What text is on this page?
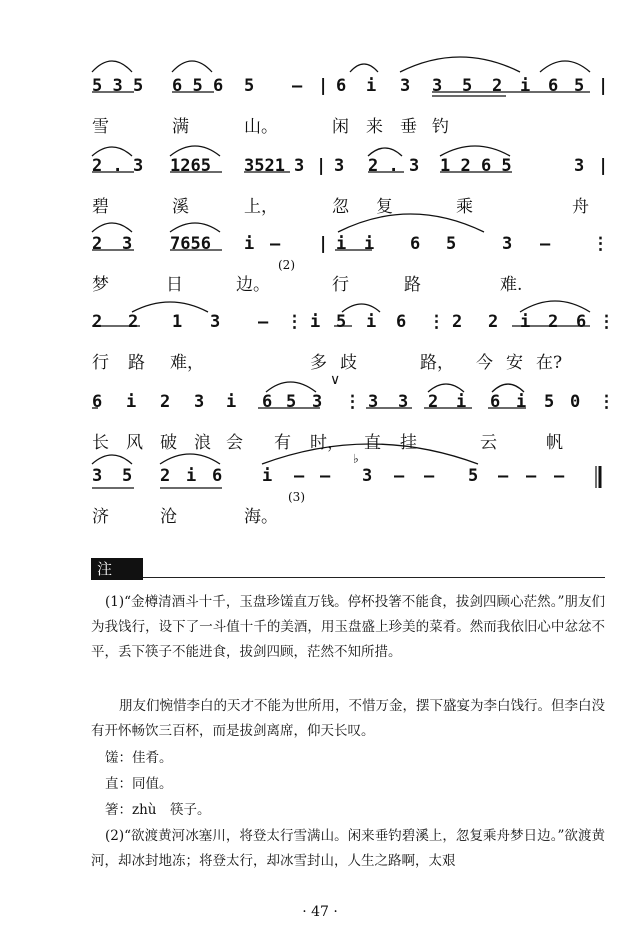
5 3 5 6 5 6 5 – | 6 i 3 3 5 2 i 6 5 |
雪	满	山。	闲 来 垂 钓
2 . 3 1265 3521 3 | 3 2 . 3 1 2 6 5	3 |
碧	溪	上，	忽 复	乘	舟
2 3 7656 i – | i i 6 5	3 – ⋮
梦	日	边。	行	路	难.
(2)
2 2 1 3 – ⋮ i 5 i 6 ⋮ 2 2 i 2 6 ⋮
行 路 难，	多 歧	路， 今 安 在?
∨
6 i 2 3 i 6 5 3 ⋮ 3 3 2 i 6 i 5 0 ⋮
长 风 破 浪 会 有 时， 直 挂	云	帆
3 5 2 i 6 i – –
♭
3 – – 5 – – –
济	沧	海。
(3)
注 释
(1)“金樽清酒斗十千，玉盘珍馐直万钱。停杯投箸不能食，拔剑四顾心茫然。”朋友们为我饯行，设下了一斗值十千的美酒，用玉盘盛上珍美的菜肴。然而我依旧心中忿忿不平，丢下筷子不能进食，拔剑四顾，茫然不知所措。
朋友们惋惜李白的天才不能为世所用，不惜万金，摆下盛宴为李白饯行。但李白没有开怀畅饮三百杯，而是拔剑离席，仰天长叹。
馐：佳肴。
直：同值。
箸：zhù　筷子。
(2)“欲渡黄河冰塞川，将登太行雪满山。闲来垂钓碧溪上，忽复乘舟梦日边。”欲渡黄河，却冰封地冻；将登太行，却冰雪封山，人生之路啊，太艰
· 47 ·
